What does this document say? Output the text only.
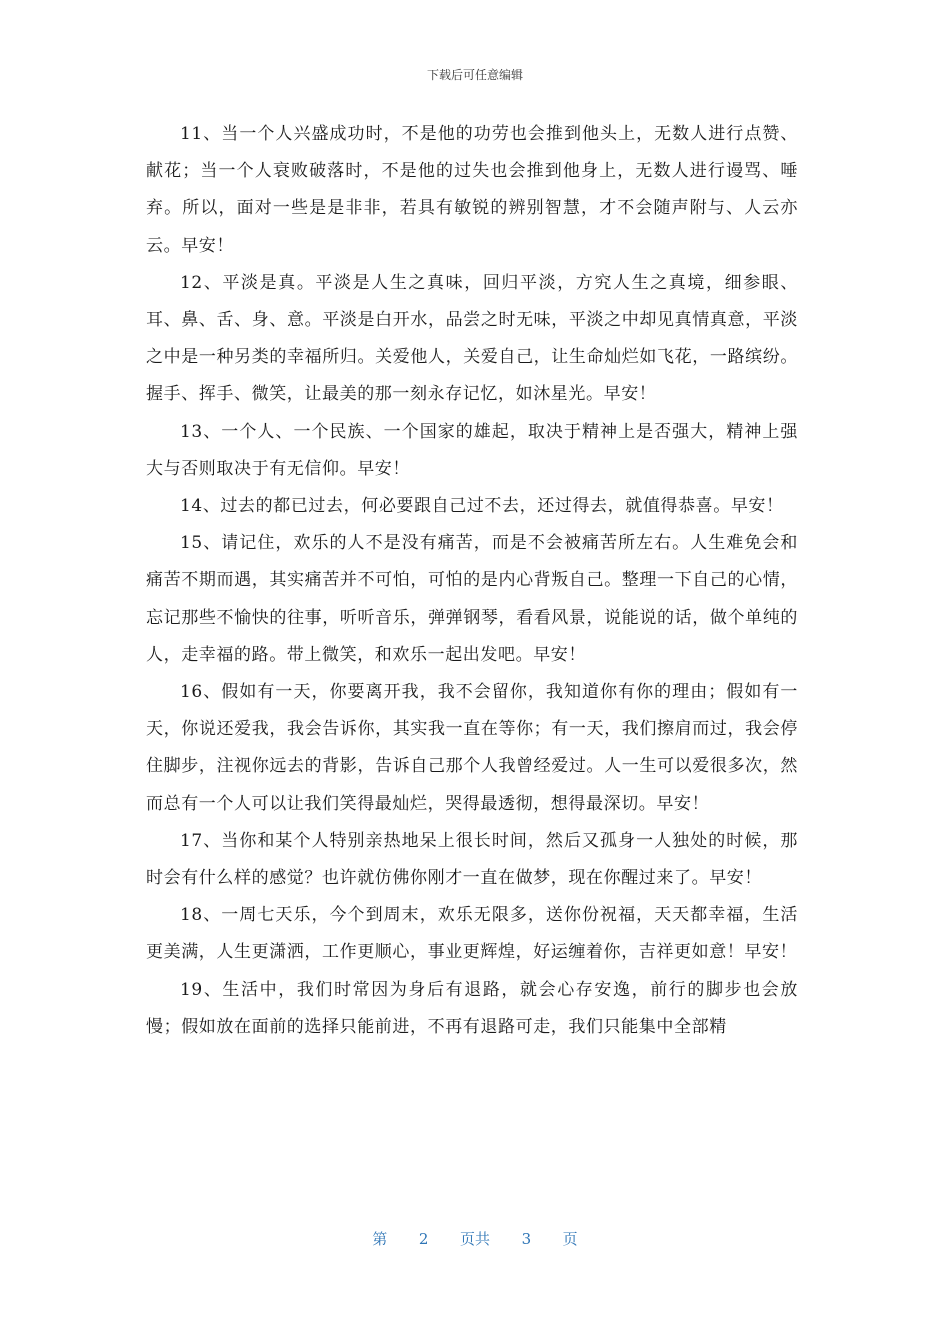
下载后可任意编辑

11、当一个人兴盛成功时，不是他的功劳也会推到他头上，无数人进行点赞、献花；当一个人衰败破落时，不是他的过失也会推到他身上，无数人进行谩骂、唾弃。所以，面对一些是是非非，若具有敏锐的辨别智慧，才不会随声附与、人云亦云。早安！

12、平淡是真。平淡是人生之真味，回归平淡，方究人生之真境，细参眼、耳、鼻、舌、身、意。平淡是白开水，品尝之时无味，平淡之中却见真情真意，平淡之中是一种另类的幸福所归。关爱他人，关爱自己，让生命灿烂如飞花，一路缤纷。握手、挥手、微笑，让最美的那一刻永存记忆，如沐星光。早安！

13、一个人、一个民族、一个国家的雄起，取决于精神上是否强大，精神上强大与否则取决于有无信仰。早安！

14、过去的都已过去，何必要跟自己过不去，还过得去，就值得恭喜。早安！

15、请记住，欢乐的人不是没有痛苦，而是不会被痛苦所左右。人生难免会和痛苦不期而遇，其实痛苦并不可怕，可怕的是内心背叛自己。整理一下自己的心情，忘记那些不愉快的往事，听听音乐，弹弹钢琴，看看风景，说能说的话，做个单纯的人，走幸福的路。带上微笑，和欢乐一起出发吧。早安！

16、假如有一天，你要离开我，我不会留你，我知道你有你的理由；假如有一天，你说还爱我，我会告诉你，其实我一直在等你；有一天，我们擦肩而过，我会停住脚步，注视你远去的背影，告诉自己那个人我曾经爱过。人一生可以爱很多次，然而总有一个人可以让我们笑得最灿烂，哭得最透彻，想得最深切。早安！

17、当你和某个人特别亲热地呆上很长时间，然后又孤身一人独处的时候，那时会有什么样的感觉？也许就仿佛你刚才一直在做梦，现在你醒过来了。早安！

18、一周七天乐，今个到周末，欢乐无限多，送你份祝福，天天都幸福，生活更美满，人生更潇洒，工作更顺心，事业更辉煌，好运缠着你，吉祥更如意！早安！

19、生活中，我们时常因为身后有退路，就会心存安逸，前行的脚步也会放慢；假如放在面前的选择只能前进，不再有退路可走，我们只能集中全部精

第 2 页共 3 页
